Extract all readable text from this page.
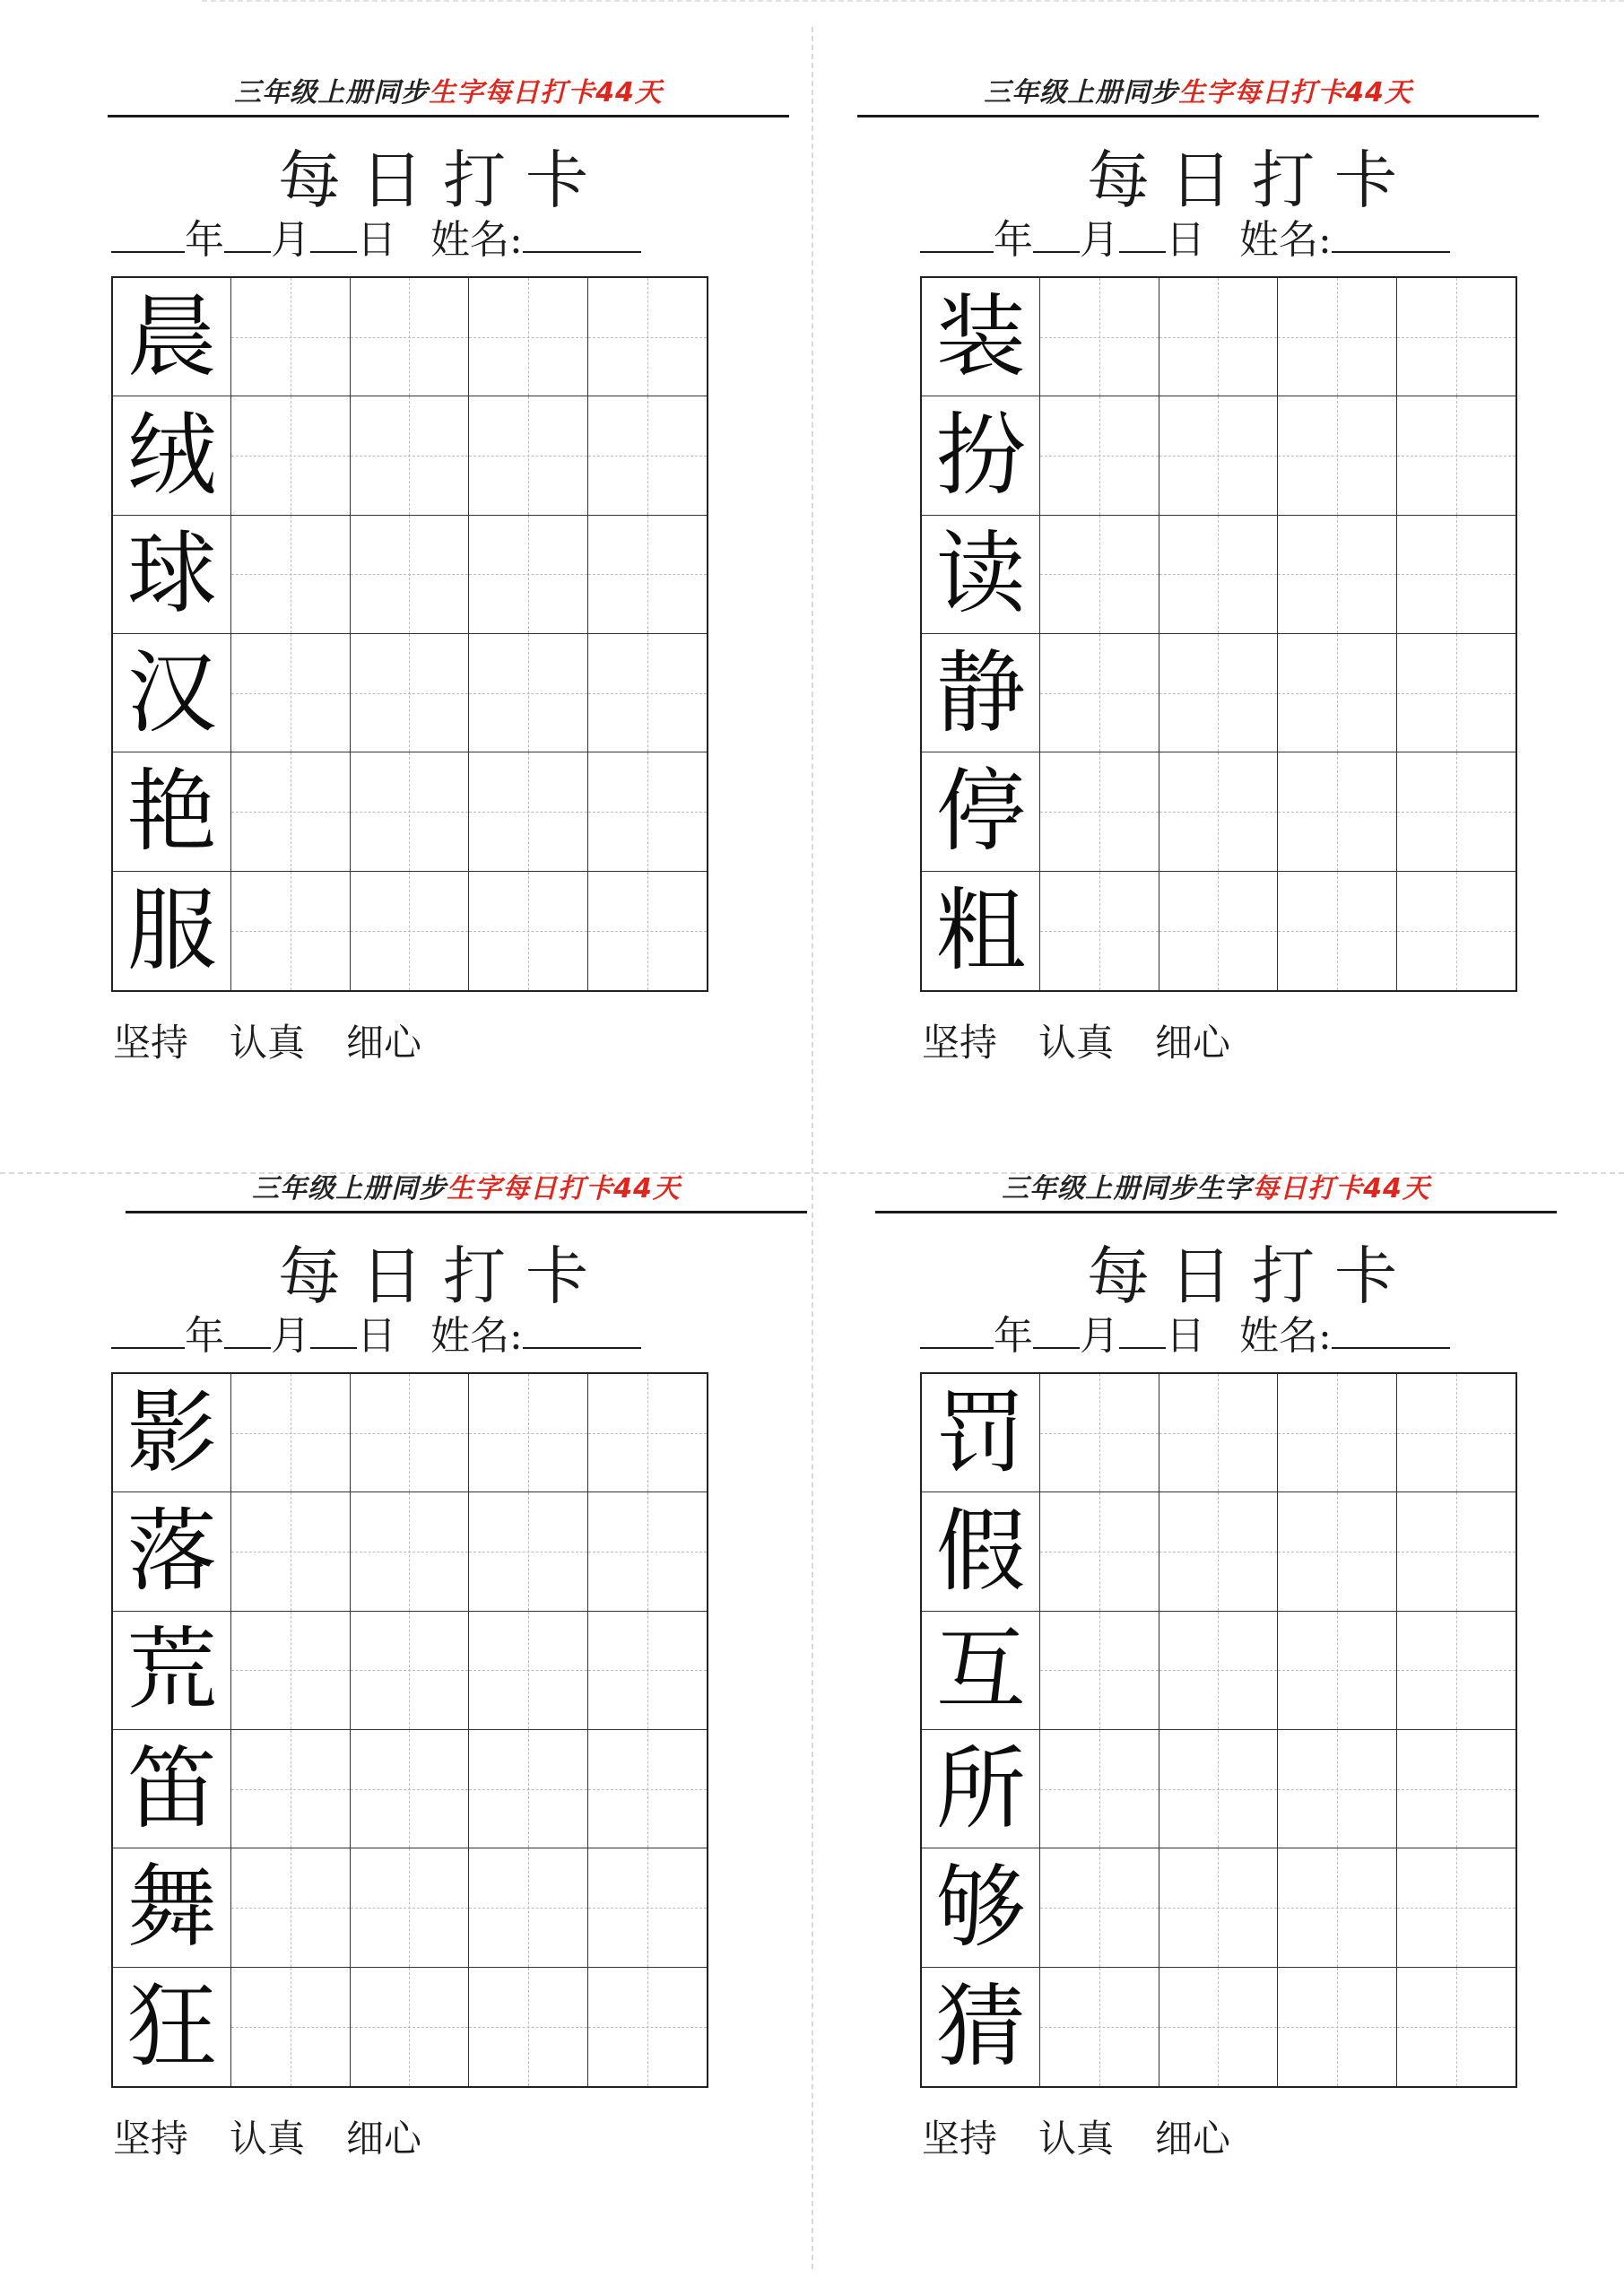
三年级上册同步生字每日打卡44天
每日打卡
年 月 日 姓名:
晨
绒
球
汉
艳
服
坚持 认真 细心
三年级上册同步生字每日打卡44天
每日打卡
年 月 日 姓名:
装
扮
读
静
停
粗
坚持 认真 细心
三年级上册同步生字每日打卡44天
每日打卡
年 月 日 姓名:
影
落
荒
笛
舞
狂
坚持 认真 细心
三年级上册同步生字每日打卡44天
每日打卡
年 月 日 姓名:
罚
假
互
所
够
猜
坚持 认真 细心
